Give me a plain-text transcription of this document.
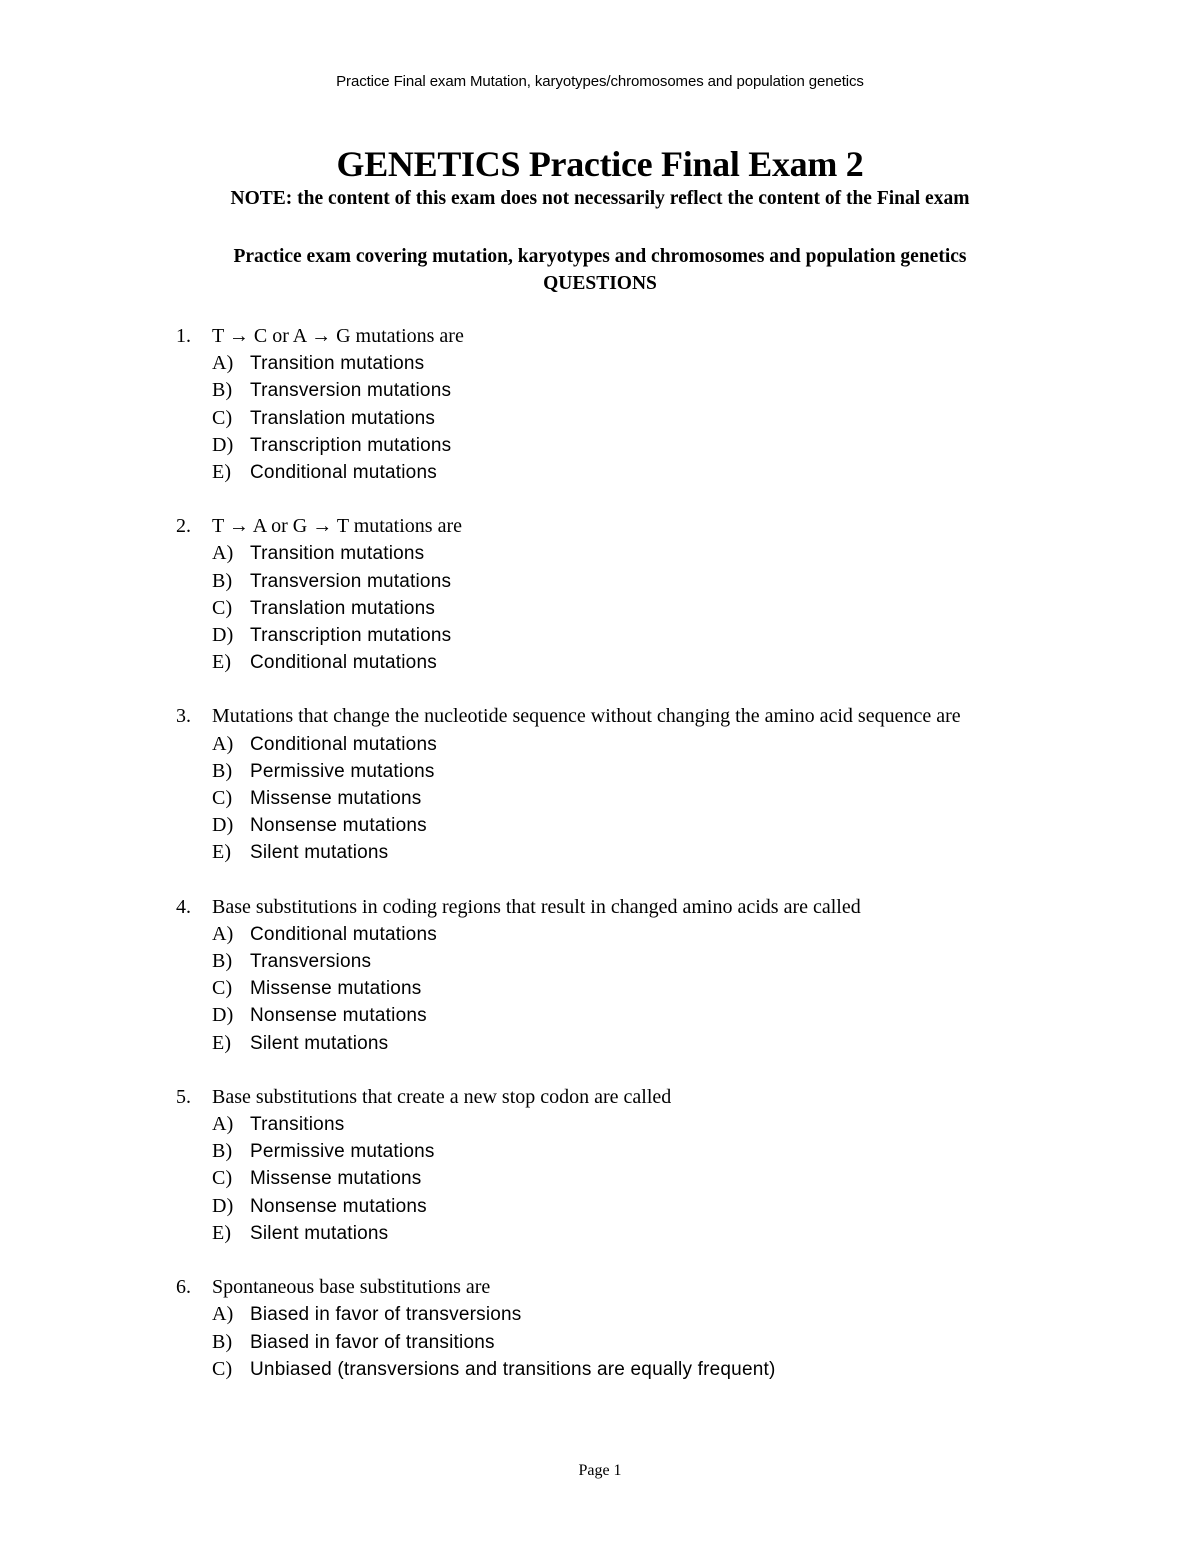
Practice Final exam Mutation, karyotypes/chromosomes and population genetics
GENETICS Practice Final Exam 2
NOTE: the content of this exam does not necessarily reflect the content of the Final exam
Practice exam covering mutation, karyotypes and chromosomes and population genetics
QUESTIONS
1. T → C or A → G mutations are
A) Transition mutations
B) Transversion mutations
C) Translation mutations
D) Transcription mutations
E) Conditional mutations
2. T → A or G → T mutations are
A) Transition mutations
B) Transversion mutations
C) Translation mutations
D) Transcription mutations
E) Conditional mutations
3. Mutations that change the nucleotide sequence without changing the amino acid sequence are
A) Conditional mutations
B) Permissive mutations
C) Missense mutations
D) Nonsense mutations
E) Silent mutations
4. Base substitutions in coding regions that result in changed amino acids are called
A) Conditional mutations
B) Transversions
C) Missense mutations
D) Nonsense mutations
E) Silent mutations
5. Base substitutions that create a new stop codon are called
A) Transitions
B) Permissive mutations
C) Missense mutations
D) Nonsense mutations
E) Silent mutations
6. Spontaneous base substitutions are
A) Biased in favor of transversions
B) Biased in favor of transitions
C) Unbiased (transversions and transitions are equally frequent)
Page 1
